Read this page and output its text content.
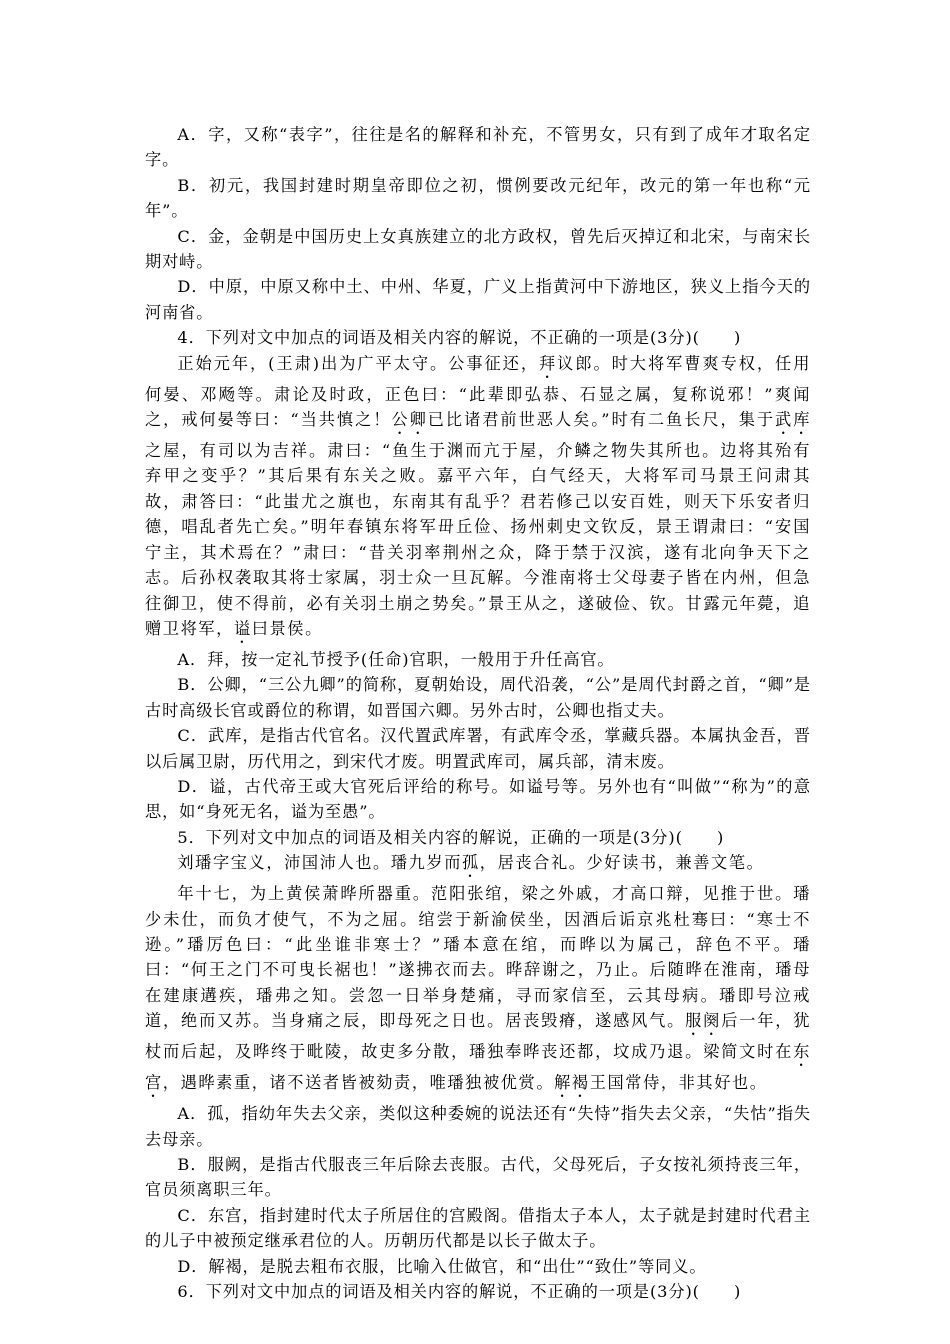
A．字，又称“表字”，往往是名的解释和补充，不管男女，只有到了成年才取名定字。

B．初元，我国封建时期皇帝即位之初，惯例要改元纪年，改元的第一年也称“元年”。

C．金，金朝是中国历史上女真族建立的北方政权，曾先后灭掉辽和北宋，与南宋长期对峙。

D．中原，中原又称中土、中州、华夏，广义上指黄河中下游地区，狭义上指今天的河南省。

4．下列对文中加点的词语及相关内容的解说，不正确的一项是(3分)(　　)

正始元年，(王肃)出为广平太守。公事征还，拜议郎。时大将军曹爽专权，任用何晏、邓飏等。肃论及时政，正色曰：“此辈即弘恭、石显之属，复称说邪！”爽闻之，戒何晏等曰：“当共慎之！公卿已比诸君前世恶人矣。”时有二鱼长尺，集于武库之屋，有司以为吉祥。肃曰：“鱼生于渊而亢于屋，介鳞之物失其所也。边将其殆有弃甲之变乎？”其后果有东关之败。嘉平六年，白气经天，大将军司马景王问肃其故，肃答曰：“此蚩尤之旗也，东南其有乱乎？君若修己以安百姓，则天下乐安者归德，唱乱者先亡矣。”明年春镇东将军毌丘俭、扬州刺史文钦反，景王谓肃曰：“安国宁主，其术焉在？”肃曰：“昔关羽率荆州之众，降于禁于汉滨，遂有北向争天下之志。后孙权袭取其将士家属，羽士众一旦瓦解。今淮南将士父母妻子皆在内州，但急往御卫，使不得前，必有关羽土崩之势矣。”景王从之，遂破俭、钦。甘露元年薨，追赠卫将军，谥曰景侯。

A．拜，按一定礼节授予(任命)官职，一般用于升任高官。

B．公卿，“三公九卿”的简称，夏朝始设，周代沿袭，“公”是周代封爵之首，“卿”是古时高级长官或爵位的称谓，如晋国六卿。另外古时，公卿也指丈夫。

C．武库，是指古代官名。汉代置武库署，有武库令丞，掌藏兵器。本属执金吾，晋以后属卫尉，历代用之，到宋代才废。明置武库司，属兵部，清末废。

D．谥，古代帝王或大官死后评给的称号。如谥号等。另外也有“叫做”“称为”的意思，如“身死无名，谥为至愚”。

5．下列对文中加点的词语及相关内容的解说，正确的一项是(3分)(　　)

刘璠字宝义，沛国沛人也。璠九岁而孤，居丧合礼。少好读书，兼善文笔。

年十七，为上黄侯萧晔所器重。范阳张绾，梁之外戚，才高口辩，见推于世。璠少未仕，而负才使气，不为之屈。绾尝于新渝侯坐，因酒后诟京兆杜骞曰：“寒士不逊。”璠厉色曰：“此坐谁非寒士？”璠本意在绾，而晔以为属己，辞色不平。璠曰：“何王之门不可曳长裾也！”遂拂衣而去。晔辞谢之，乃止。后随晔在淮南，璠母在建康遘疾，璠弗之知。尝忽一日举身楚痛，寻而家信至，云其母病。璠即号泣戒道，绝而又苏。当身痛之辰，即母死之日也。居丧毁瘠，遂感风气。服阕后一年，犹杖而后起，及晔终于毗陵，故吏多分散，璠独奉晔丧还都，坟成乃退。梁简文时在东宫，遇晔素重，诸不送者皆被劾责，唯璠独被优赏。解褐王国常侍，非其好也。

A．孤，指幼年失去父亲，类似这种委婉的说法还有“失恃”指失去父亲，“失怙”指失去母亲。

B．服阙，是指古代服丧三年后除去丧服。古代，父母死后，子女按礼须持丧三年，官员须离职三年。

C．东宫，指封建时代太子所居住的宫殿阁。借指太子本人，太子就是封建时代君主的儿子中被预定继承君位的人。历朝历代都是以长子做太子。

D．解褐，是脱去粗布衣服，比喻入仕做官，和“出仕”“致仕”等同义。

6．下列对文中加点的词语及相关内容的解说，不正确的一项是(3分)(　　)
